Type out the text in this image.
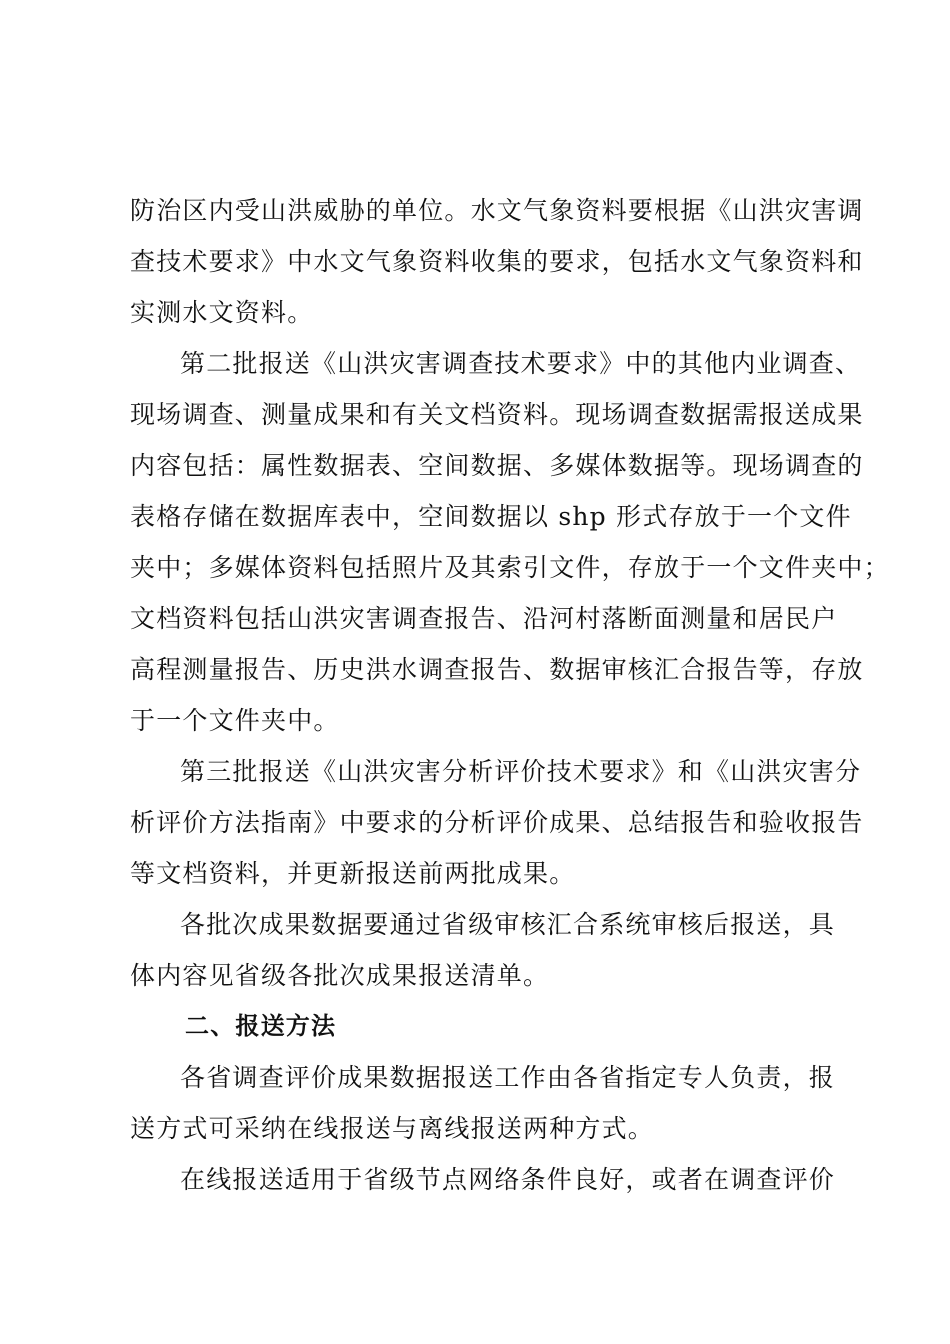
防治区内受山洪威胁的单位。水文气象资料要根据《山洪灾害调
查技术要求》中水文气象资料收集的要求，包括水文气象资料和
实测水文资料。
第二批报送《山洪灾害调查技术要求》中的其他内业调查、
现场调查、测量成果和有关文档资料。现场调查数据需报送成果
内容包括：属性数据表、空间数据、多媒体数据等。现场调查的
表格存储在数据库表中，空间数据以 shp 形式存放于一个文件
夹中；多媒体资料包括照片及其索引文件，存放于一个文件夹中；
文档资料包括山洪灾害调查报告、沿河村落断面测量和居民户
高程测量报告、历史洪水调查报告、数据审核汇合报告等，存放
于一个文件夹中。
第三批报送《山洪灾害分析评价技术要求》和《山洪灾害分
析评价方法指南》中要求的分析评价成果、总结报告和验收报告
等文档资料，并更新报送前两批成果。
各批次成果数据要通过省级审核汇合系统审核后报送，具
体内容见省级各批次成果报送清单。
二、报送方法
各省调查评价成果数据报送工作由各省指定专人负责，报
送方式可采纳在线报送与离线报送两种方式。
在线报送适用于省级节点网络条件良好，或者在调查评价
